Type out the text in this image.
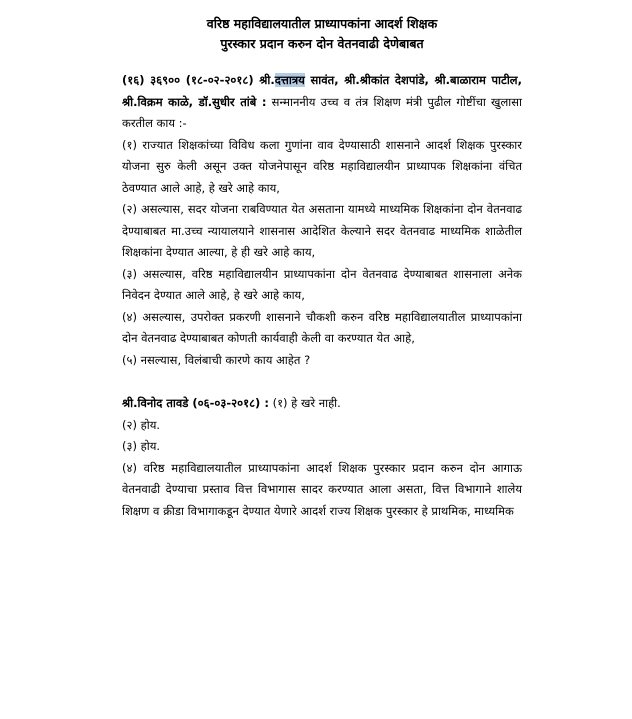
वरिष्ठ महाविद्यालयातील प्राध्यापकांना आदर्श शिक्षक
पुरस्कार प्रदान करुन दोन वेतनवाढी देणेबाबत

(१६) ३६९०० (१८-०२-२०१८) श्री.दत्तात्रय सावंत, श्री.श्रीकांत देशपांडे, श्री.बाळाराम पाटील, श्री.विक्रम काळे, डॉ.सुधीर तांबे : सन्माननीय उच्च व तंत्र शिक्षण मंत्री पुढील गोष्टींचा खुलासा करतील काय :-

(१) राज्यात शिक्षकांच्या विविध कला गुणांना वाव देण्यासाठी शासनाने आदर्श शिक्षक पुरस्कार योजना सुरु केली असून उक्त योजनेपासून वरिष्ठ महाविद्यालयीन प्राध्यापक शिक्षकांना वंचित ठेवण्यात आले आहे, हे खरे आहे काय,

(२) असल्यास, सदर योजना राबविण्यात येत असताना यामध्ये माध्यमिक शिक्षकांना दोन वेतनवाढ देण्याबाबत मा.उच्च न्यायालयाने शासनास आदेशित केल्याने सदर वेतनवाढ माध्यमिक शाळेतील शिक्षकांना देण्यात आल्या, हे ही खरे आहे काय,

(३) असल्यास, वरिष्ठ महाविद्यालयीन प्राध्यापकांना दोन वेतनवाढ देण्याबाबत शासनाला अनेक निवेदन देण्यात आले आहे, हे खरे आहे काय,

(४) असल्यास, उपरोक्त प्रकरणी शासनाने चौकशी करुन वरिष्ठ महाविद्यालयातील प्राध्यापकांना दोन वेतनवाढ देण्याबाबत कोणती कार्यवाही केली वा करण्यात येत आहे,

(५) नसल्यास, विलंबाची कारणे काय आहेत ?

श्री.विनोद तावडे (०६-०३-२०१८) : (१) हे खरे नाही.

(२) होय.

(३) होय.

(४) वरिष्ठ महाविद्यालयातील प्राध्यापकांना आदर्श शिक्षक पुरस्कार प्रदान करुन दोन आगाऊ वेतनवाढी देण्याचा प्रस्ताव वित्त विभागास सादर करण्यात आला असता, वित्त विभागाने शालेय शिक्षण व क्रीडा विभागाकडून देण्यात येणारे आदर्श राज्य शिक्षक पुरस्कार हे प्राथमिक, माध्यमिक
